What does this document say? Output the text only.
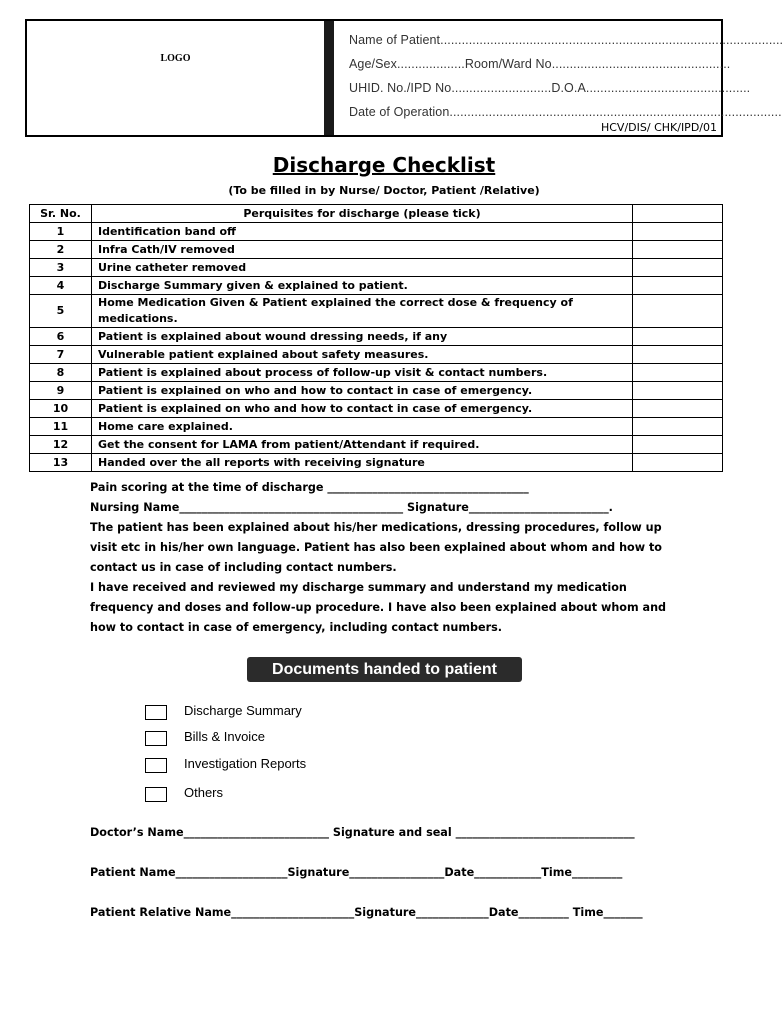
LOGO
Name of Patient................................................................................................
Age/Sex...................Room/Ward No..................................................
UHID. No./IPD No............................D.O.A..............................................
Date of Operation.............................................................................................
HCV/DIS/ CHK/IPD/01
Discharge Checklist
(To be filled in by Nurse/ Doctor, Patient /Relative)
Sr. No.	Perquisites for discharge (please tick)	
1	Identification band off	
2	Infra Cath/IV removed	
3	Urine catheter removed	
4	Discharge Summary given & explained to patient.	
5	Home Medication Given & Patient explained the correct dose & frequency of medications.	
6	Patient is explained about wound dressing needs, if any	
7	Vulnerable patient explained about safety measures.	
8	Patient is explained about process of follow-up visit & contact numbers.	
9	Patient is explained on who and how to contact in case of emergency.	
10	Patient is explained on who and how to contact in case of emergency.	
11	Home care explained.	
12	Get the consent for LAMA from patient/Attendant if required.	
13	Handed over the all reports with receiving signature	

Pain scoring at the time of discharge ____________________________________

Nursing Name________________________________________ Signature_________________________.

The patient has been explained about his/her medications, dressing procedures, follow up visit etc in his/her own language. Patient has also been explained about whom and how to contact us in case of including contact numbers.

I have received and reviewed my discharge summary and understand my medication frequency and doses and follow-up procedure. I have also been explained about whom and how to contact in case of emergency, including contact numbers.

Documents handed to patient
Discharge Summary
Bills & Invoice
Investigation Reports
Others
Doctor’s Name__________________________ Signature and seal ________________________________
Patient Name____________________Signature_________________Date____________Time_________
Patient Relative Name______________________Signature_____________Date_________ Time_______
